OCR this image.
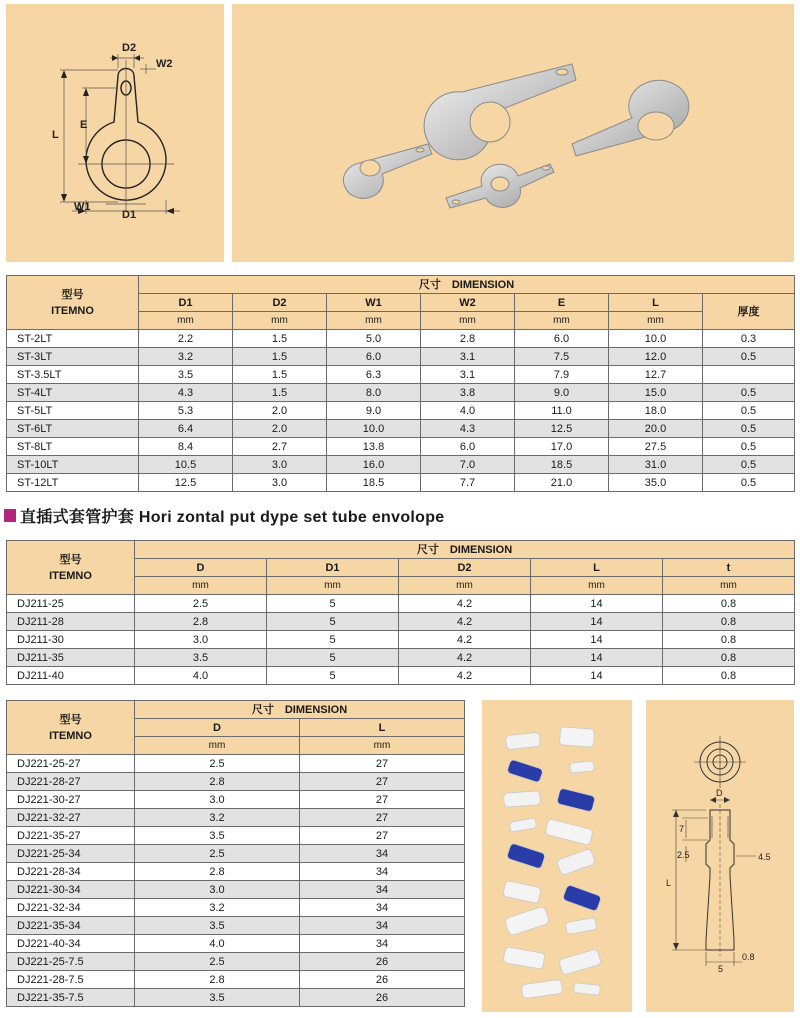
D2
W2
L
E
W1
D1
型号
ITEMNO	尺寸　DIMENSION						
	D1	D2	W1	W2	E	L	厚度
	mm	mm	mm	mm	mm	mm	
ST-2LT	2.2	1.5	5.0	2.8	6.0	10.0	0.3
ST-3LT	3.2	1.5	6.0	3.1	7.5	12.0	0.5
ST-3.5LT	3.5	1.5	6.3	3.1	7.9	12.7	
ST-4LT	4.3	1.5	8.0	3.8	9.0	15.0	0.5
ST-5LT	5.3	2.0	9.0	4.0	11.0	18.0	0.5
ST-6LT	6.4	2.0	10.0	4.3	12.5	20.0	0.5
ST-8LT	8.4	2.7	13.8	6.0	17.0	27.5	0.5
ST-10LT	10.5	3.0	16.0	7.0	18.5	31.0	0.5
ST-12LT	12.5	3.0	18.5	7.7	21.0	35.0	0.5
直插式套管护套 Hori zontal put dype set tube envolope
型号
ITEMNO	尺寸　DIMENSION				
	D	D1	D2	L	t
	mm	mm	mm	mm	mm
DJ211-25	2.5	5	4.2	14	0.8
DJ211-28	2.8	5	4.2	14	0.8
DJ211-30	3.0	5	4.2	14	0.8
DJ211-35	3.5	5	4.2	14	0.8
DJ211-40	4.0	5	4.2	14	0.8
型号
ITEMNO	尺寸　DIMENSION	
	D	L
	mm	mm
DJ221-25-27	2.5	27
DJ221-28-27	2.8	27
DJ221-30-27	3.0	27
DJ221-32-27	3.2	27
DJ221-35-27	3.5	27
DJ221-25-34	2.5	34
DJ221-28-34	2.8	34
DJ221-30-34	3.0	34
DJ221-32-34	3.2	34
DJ221-35-34	3.5	34
DJ221-40-34	4.0	34
DJ221-25-7.5	2.5	26
DJ221-28-7.5	2.8	26
DJ221-35-7.5	3.5	26
D
7
2.5	4.5
L
5
0.8
